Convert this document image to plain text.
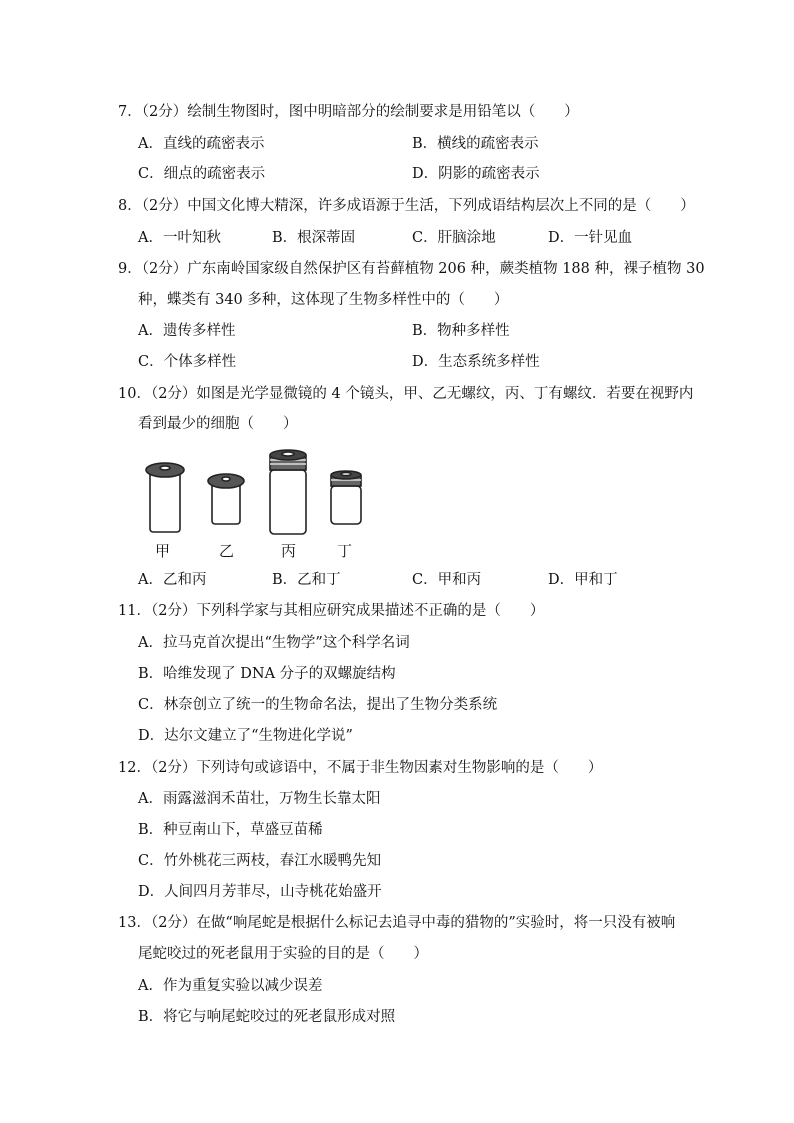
7．（2分）绘制生物图时，图中明暗部分的绘制要求是用铅笔以（　　）
A．直线的疏密表示	B．横线的疏密表示
C．细点的疏密表示	D．阴影的疏密表示
8．（2分）中国文化博大精深，许多成语源于生活，下列成语结构层次上不同的是（　　）
A．一叶知秋	B．根深蒂固	C．肝脑涂地	D．一针见血
9．（2分）广东南岭国家级自然保护区有苔藓植物 206 种，蕨类植物 188 种，裸子植物 30
种，蝶类有 340 多种，这体现了生物多样性中的（　　）
A．遗传多样性	B．物种多样性
C．个体多样性	D．生态系统多样性
10．（2分）如图是光学显微镜的 4 个镜头，甲、乙无螺纹，丙、丁有螺纹．若要在视野内
看到最少的细胞（　　）
甲	乙	丙	丁
A．乙和丙	B．乙和丁	C．甲和丙	D．甲和丁
11．（2分）下列科学家与其相应研究成果描述不正确的是（　　）
A．拉马克首次提出“生物学”这个科学名词
B．哈维发现了 DNA 分子的双螺旋结构
C．林奈创立了统一的生物命名法，提出了生物分类系统
D．达尔文建立了“生物进化学说”
12．（2分）下列诗句或谚语中，不属于非生物因素对生物影响的是（　　）
A．雨露滋润禾苗壮，万物生长靠太阳
B．种豆南山下，草盛豆苗稀
C．竹外桃花三两枝，春江水暖鸭先知
D．人间四月芳菲尽，山寺桃花始盛开
13．（2分）在做“响尾蛇是根据什么标记去追寻中毒的猎物的”实验时，将一只没有被响
尾蛇咬过的死老鼠用于实验的目的是（　　）
A．作为重复实验以减少误差
B．将它与响尾蛇咬过的死老鼠形成对照
